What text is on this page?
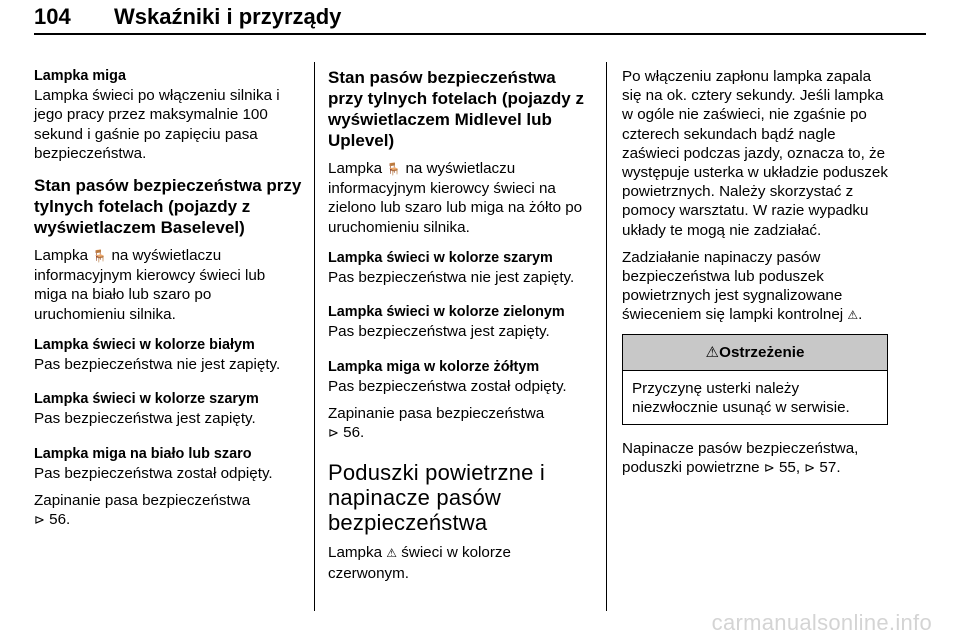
104 Wskaźniki i przyrządy

Lampka miga

Lampka świeci po włączeniu silnika i jego pracy przez maksymalnie 100 sekund i gaśnie po zapięciu pasa bezpieczeństwa.

Stan pasów bezpieczeństwa przy tylnych fotelach (pojazdy z wyświetlaczem Baselevel)

Lampka 🪑 na wyświetlaczu informacyjnym kierowcy świeci lub miga na biało lub szaro po uruchomieniu silnika.

Lampka świeci w kolorze białym

Pas bezpieczeństwa nie jest zapięty.

Lampka świeci w kolorze szarym

Pas bezpieczeństwa jest zapięty.

Lampka miga na biało lub szaro

Pas bezpieczeństwa został odpięty.

Zapinanie pasa bezpieczeństwa
⊳ 56.

Stan pasów bezpieczeństwa przy tylnych fotelach (pojazdy z wyświetlaczem Midlevel lub Uplevel)

Lampka 🪑 na wyświetlaczu informacyjnym kierowcy świeci na zielono lub szaro lub miga na żółto po uruchomieniu silnika.

Lampka świeci w kolorze szarym

Pas bezpieczeństwa nie jest zapięty.

Lampka świeci w kolorze zielonym

Pas bezpieczeństwa jest zapięty.

Lampka miga w kolorze żółtym

Pas bezpieczeństwa został odpięty.

Zapinanie pasa bezpieczeństwa
⊳ 56.

Poduszki powietrzne i napinacze pasów bezpieczeństwa

Lampka ⚠ świeci w kolorze czerwonym.

Po włączeniu zapłonu lampka zapala się na ok. cztery sekundy. Jeśli lampka w ogóle nie zaświeci, nie zgaśnie po czterech sekundach bądź nagle zaświeci podczas jazdy, oznacza to, że występuje usterka w układzie poduszek powietrznych. Należy skorzystać z pomocy warsztatu. W razie wypadku układy te mogą nie zadziałać.

Zadziałanie napinaczy pasów bezpieczeństwa lub poduszek powietrznych jest sygnalizowane świeceniem się lampki kontrolnej ⚠.

⚠Ostrzeżenie
Przyczynę usterki należy niezwłocznie usunąć w serwisie.

Napinacze pasów bezpieczeństwa, poduszki powietrzne ⊳ 55, ⊳ 57.

carmanualsonline.info
